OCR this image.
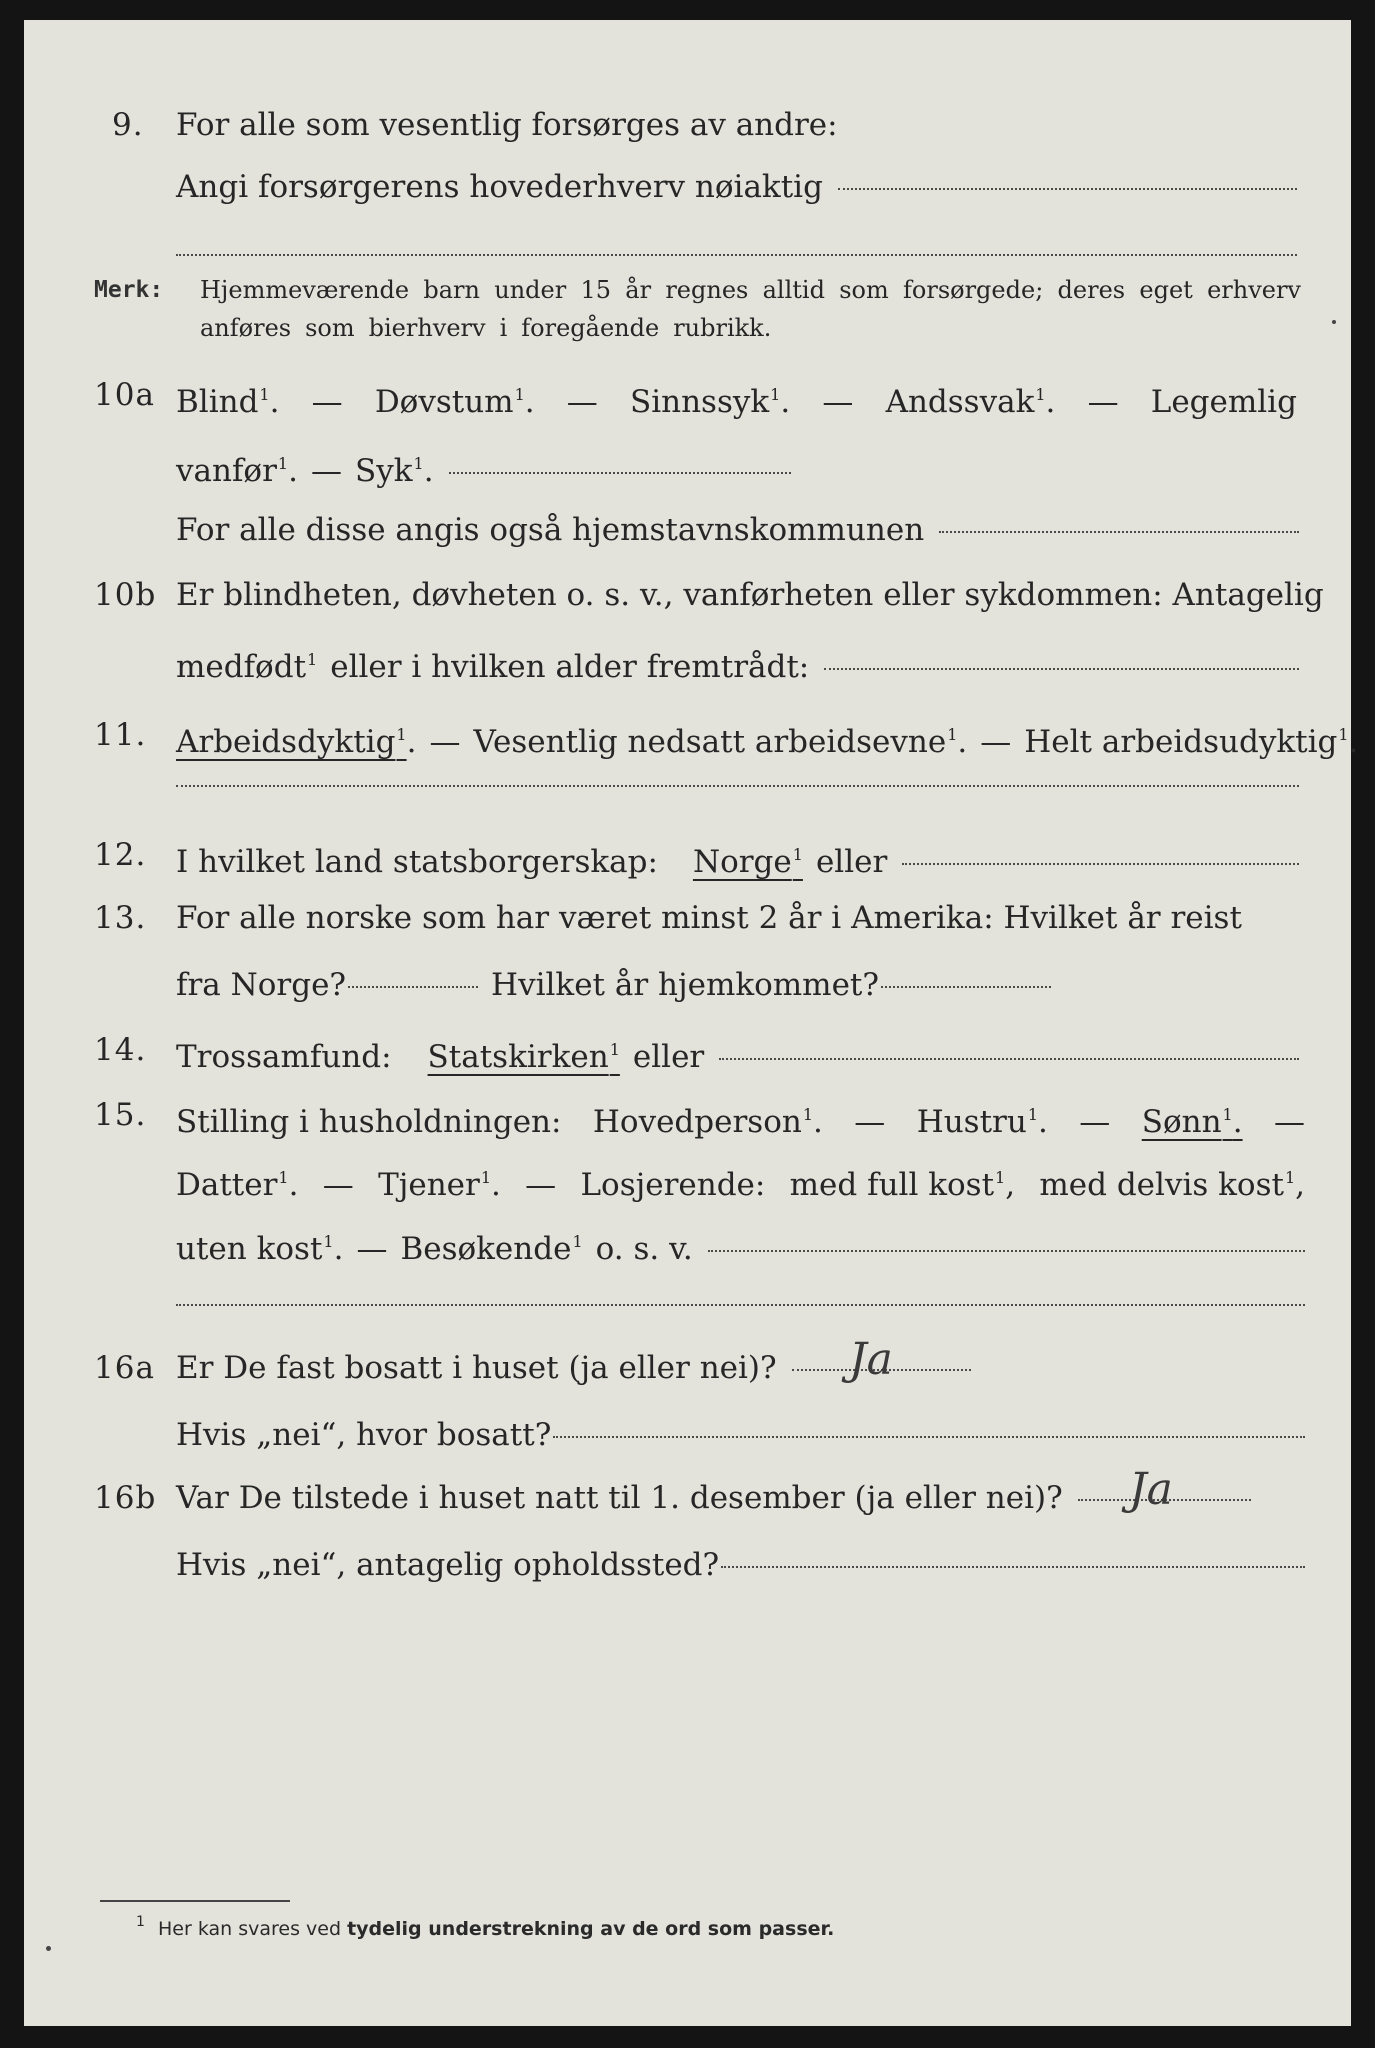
9. For alle som vesentlig forsørges av andre:
Angi forsørgerens hovederhverv nøiaktig
Merk: Hjemmeværende barn under 15 år regnes alltid som forsørgede; deres eget erhverv
anføres som bierhverv i foregående rubrikk.
10a Blind$^1$. — Døvstum$^1$. — Sinnssyk$^1$. — Andssvak$^1$. — Legemlig
vanfør$^1$. — Syk$^1$.
For alle disse angis også hjemstavnskommunen
10b Er blindheten, døvheten o. s. v., vanførheten eller sykdommen: Antagelig
medfødt$^1$ eller i hvilken alder fremtrådt:
11. Arbeidsdyktig$^1$ . — Vesentlig nedsatt arbeidsevne$^1$. — Helt arbeidsudyktig$^1$.
12. I hvilket land statsborgerskap: Norge$^1$ eller
13. For alle norske som har været minst 2 år i Amerika: Hvilket år reist
fra Norge?	Hvilket år hjemkommet?
14. Trossamfund: Statskirken$^1$ eller
15. Stilling i husholdningen: Hovedperson$^1$. — Hustru$^1$. — Sønn$^1$. —
Datter$^1$. — Tjener$^1$. — Losjerende: med full kost$^1$, med delvis kost$^1$,
uten kost$^1$. — Besøkende$^1$ o. s. v.
16a Er De fast bosatt i huset (ja eller nei)? Ja
Hvis „nei“, hvor bosatt?
16b Var De tilstede i huset natt til 1. desember (ja eller nei)? Ja
Hvis „nei“, antagelig opholdssted?
1 Her kan svares ved tydelig understrekning av de ord som passer.
